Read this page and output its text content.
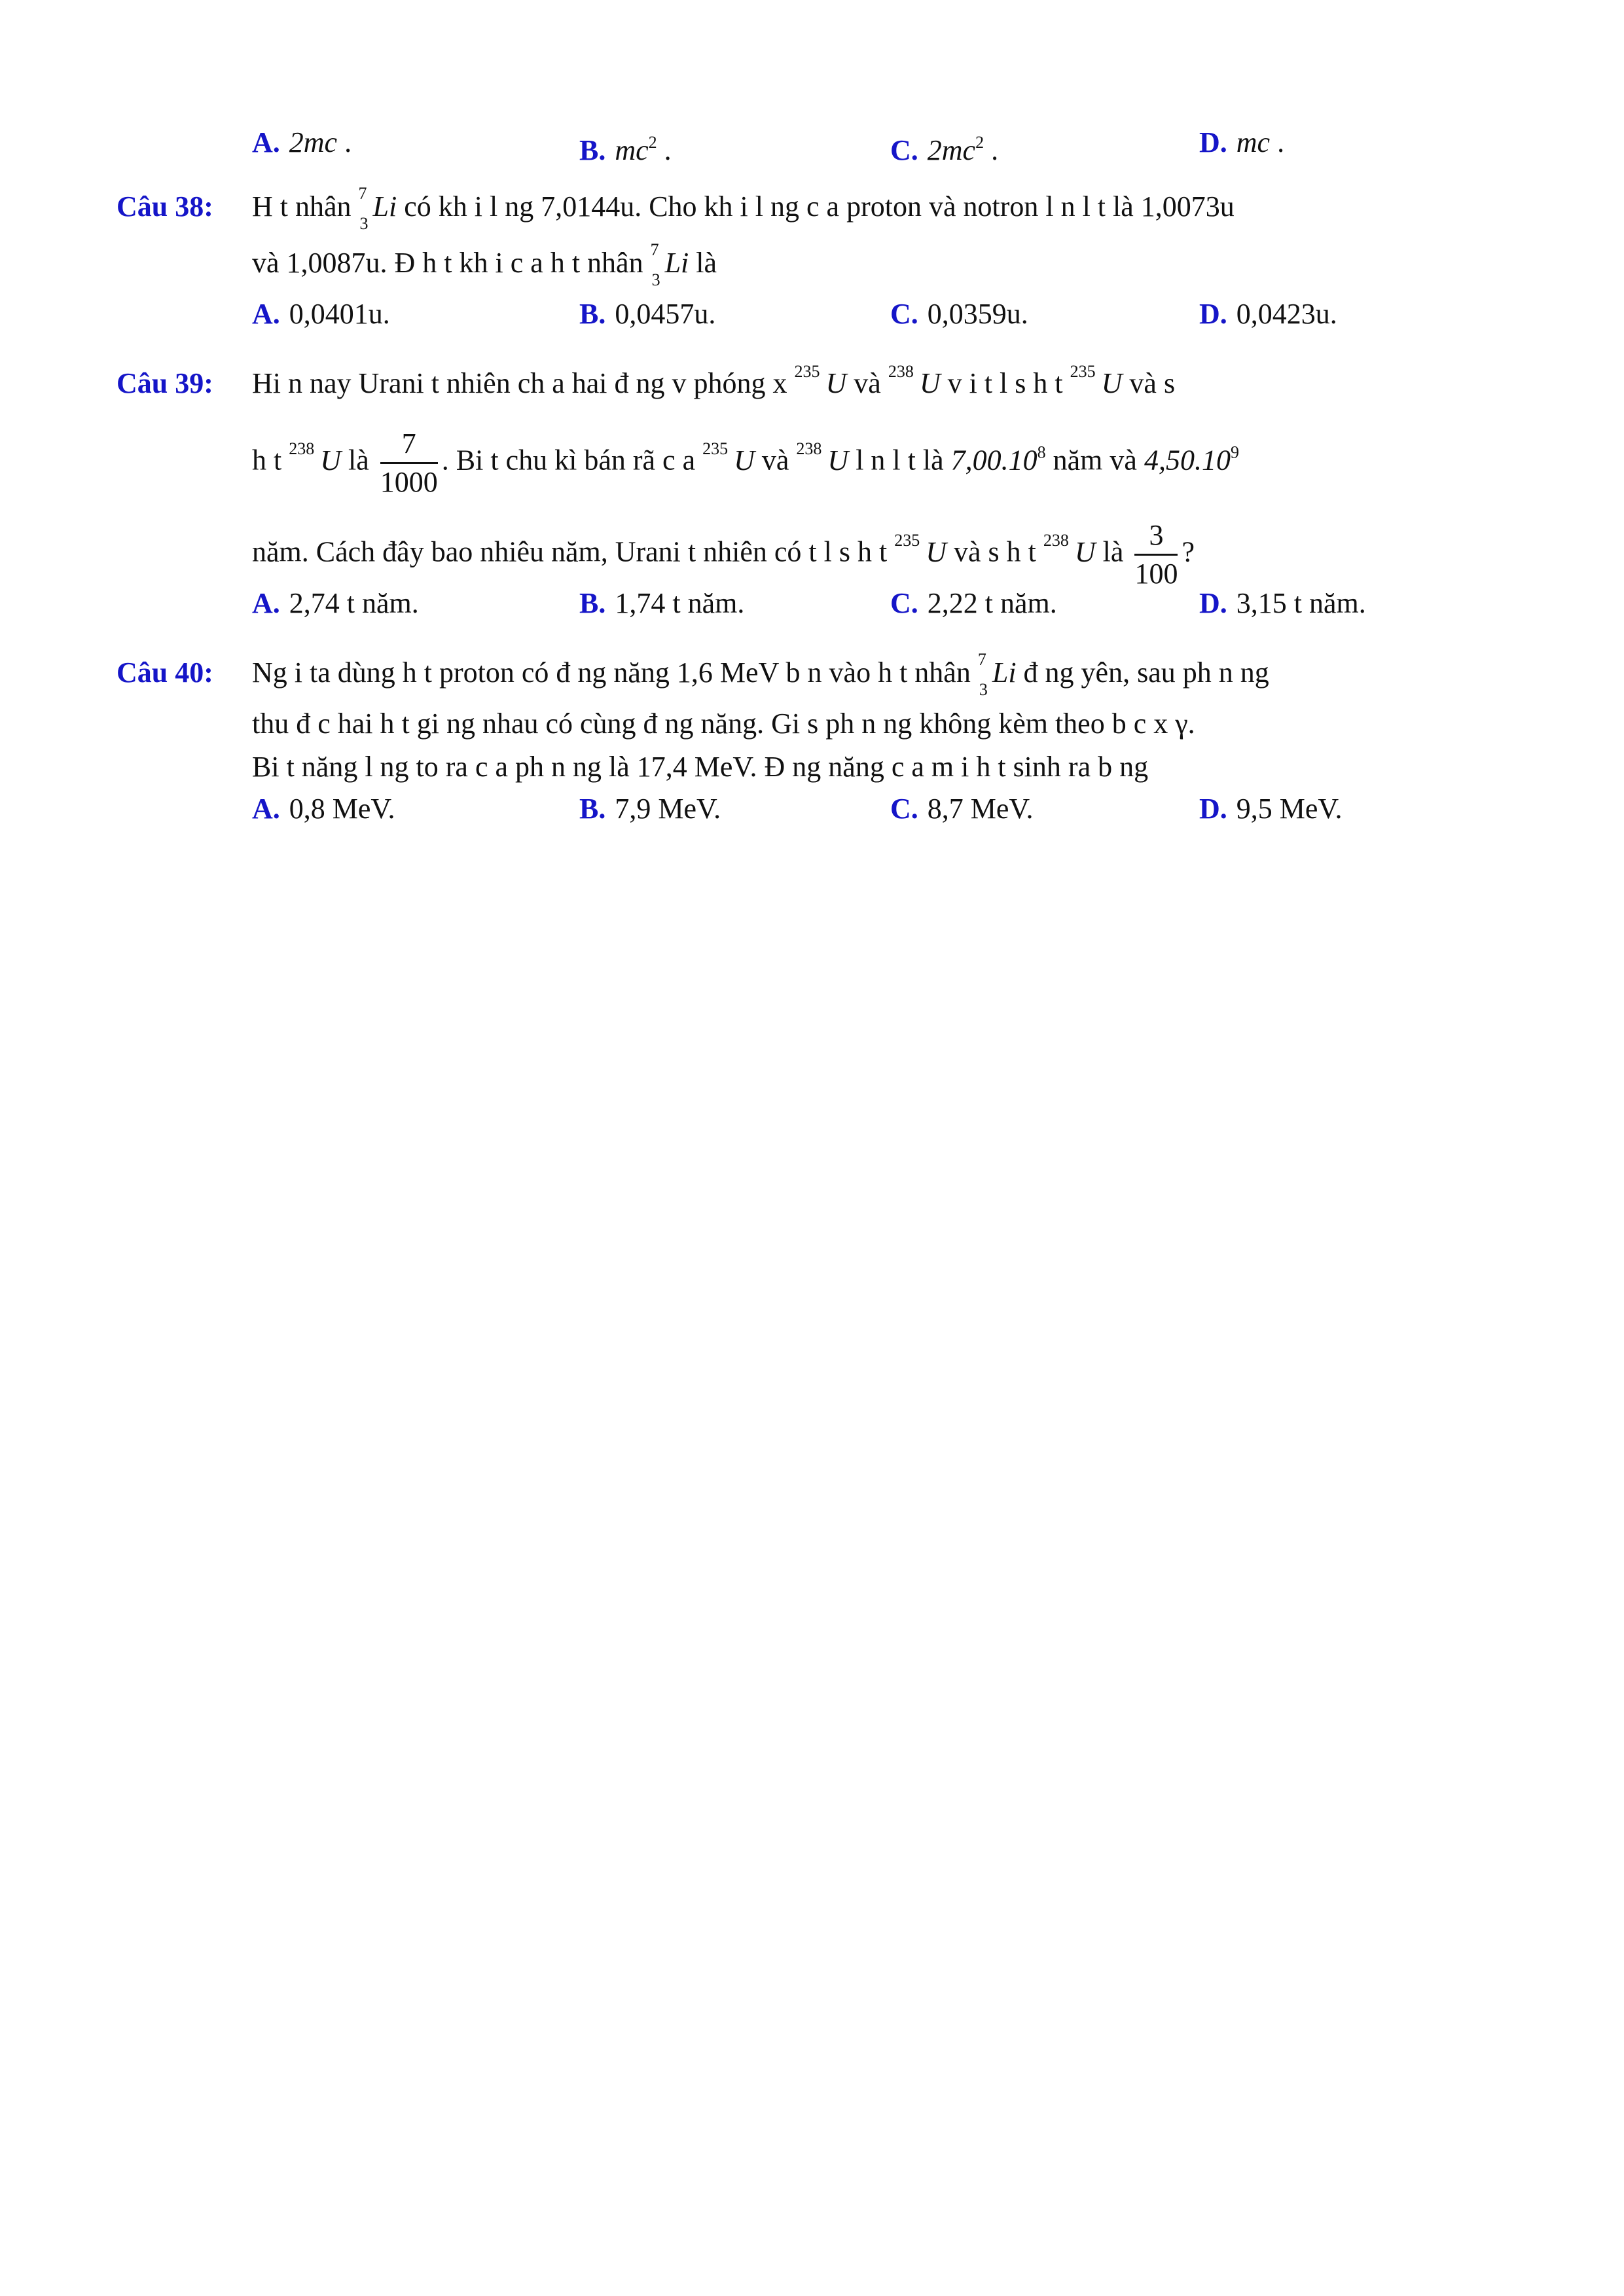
A. 2mc .	B. $mc^2$ .	C. $2mc^2$ .	D. mc .
Câu 38: H t nhân 7
3
Li có kh i l ng 7,0144u. Cho kh i l ng c a proton và notron l n l t là 1,0073u
và 1,0087u. Đ h t kh i c a h t nhân 7
3
Li là
A. 0,0401u.	B. 0,0457u.	C. 0,0359u.	D. 0,0423u.
Câu 39: Hi n nay Urani t nhiên ch a hai đ ng v phóng x 235 U và 238 U v i t l s h t 235 U và s
h t 238 U là $\frac{7}{1000}$ . Bi t chu kì bán rã c a 235 U và 238 U l n l t là 7,00.10$^8$ năm và 4,50.10$^9$
năm. Cách đây bao nhiêu năm, Urani t nhiên có t l s h t 235 U và s h t 238 U là $\frac{3}{100}$ ?
A. 2,74 t năm.	B. 1,74 t năm.	C. 2,22 t năm.	D. 3,15 t năm.
Câu 40: Ng i ta dùng h t proton có đ ng năng 1,6 MeV b n vào h t nhân 7
3
Li đ ng yên, sau ph n ng
thu đ c hai h t gi ng nhau có cùng đ ng năng. Gi s ph n ng không kèm theo b c x γ.
Bi t năng l ng to ra c a ph n ng là 17,4 MeV. Đ ng năng c a m i h t sinh ra b ng
A. 0,8 MeV.	B. 7,9 MeV.	C. 8,7 MeV.	D. 9,5 MeV.
